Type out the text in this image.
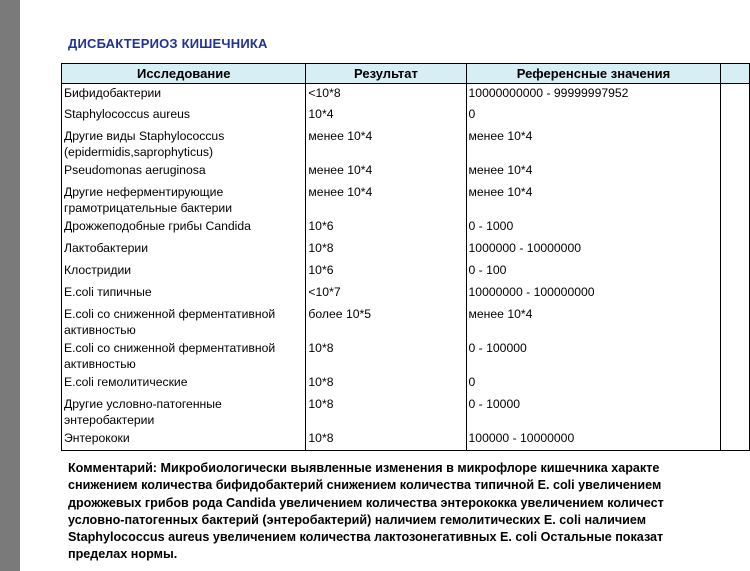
ДИСБАКТЕРИОЗ КИШЕЧНИКА
Исследование	Результат	Референсные значения	
Бифидобактерии	<10*8	10000000000 - 99999997952	
Staphylococcus aureus	10*4	0	
Другие виды Staphylococcus (epidermidis,saprophyticus)	менее 10*4	менее 10*4	
Pseudomonas aeruginosa	менее 10*4	менее 10*4	
Другие неферментирующие грамотрицательные бактерии	менее 10*4	менее 10*4	
Дрожжеподобные грибы Candida	10*6	0 - 1000	
Лактобактерии	10*8	1000000 - 10000000	
Клостридии	10*6	0 - 100	
E.coli типичные	<10*7	10000000 - 100000000	
E.coli со сниженной ферментативной активностью	более 10*5	менее 10*4	
E.coli со сниженной ферментативной активностью	10*8	0 - 100000	
E.coli гемолитические	10*8	0	
Другие условно-патогенные энтеробактерии	10*8	0 - 10000	
Энтерококи	10*8	100000 - 10000000	
Комментарий: Микробиологически выявленные изменения в микрофлоре кишечника характе
снижением количества бифидобактерий снижением количества типичной E. coli увеличением
дрожжевых грибов рода Candida увеличением количества энтерококка увеличением количест
условно-патогенных бактерий (энтеробактерий) наличием гемолитических E. coli наличием
Staphylococcus aureus увеличением количества лактозонегативных E. coli Остальные показат
пределах нормы.
